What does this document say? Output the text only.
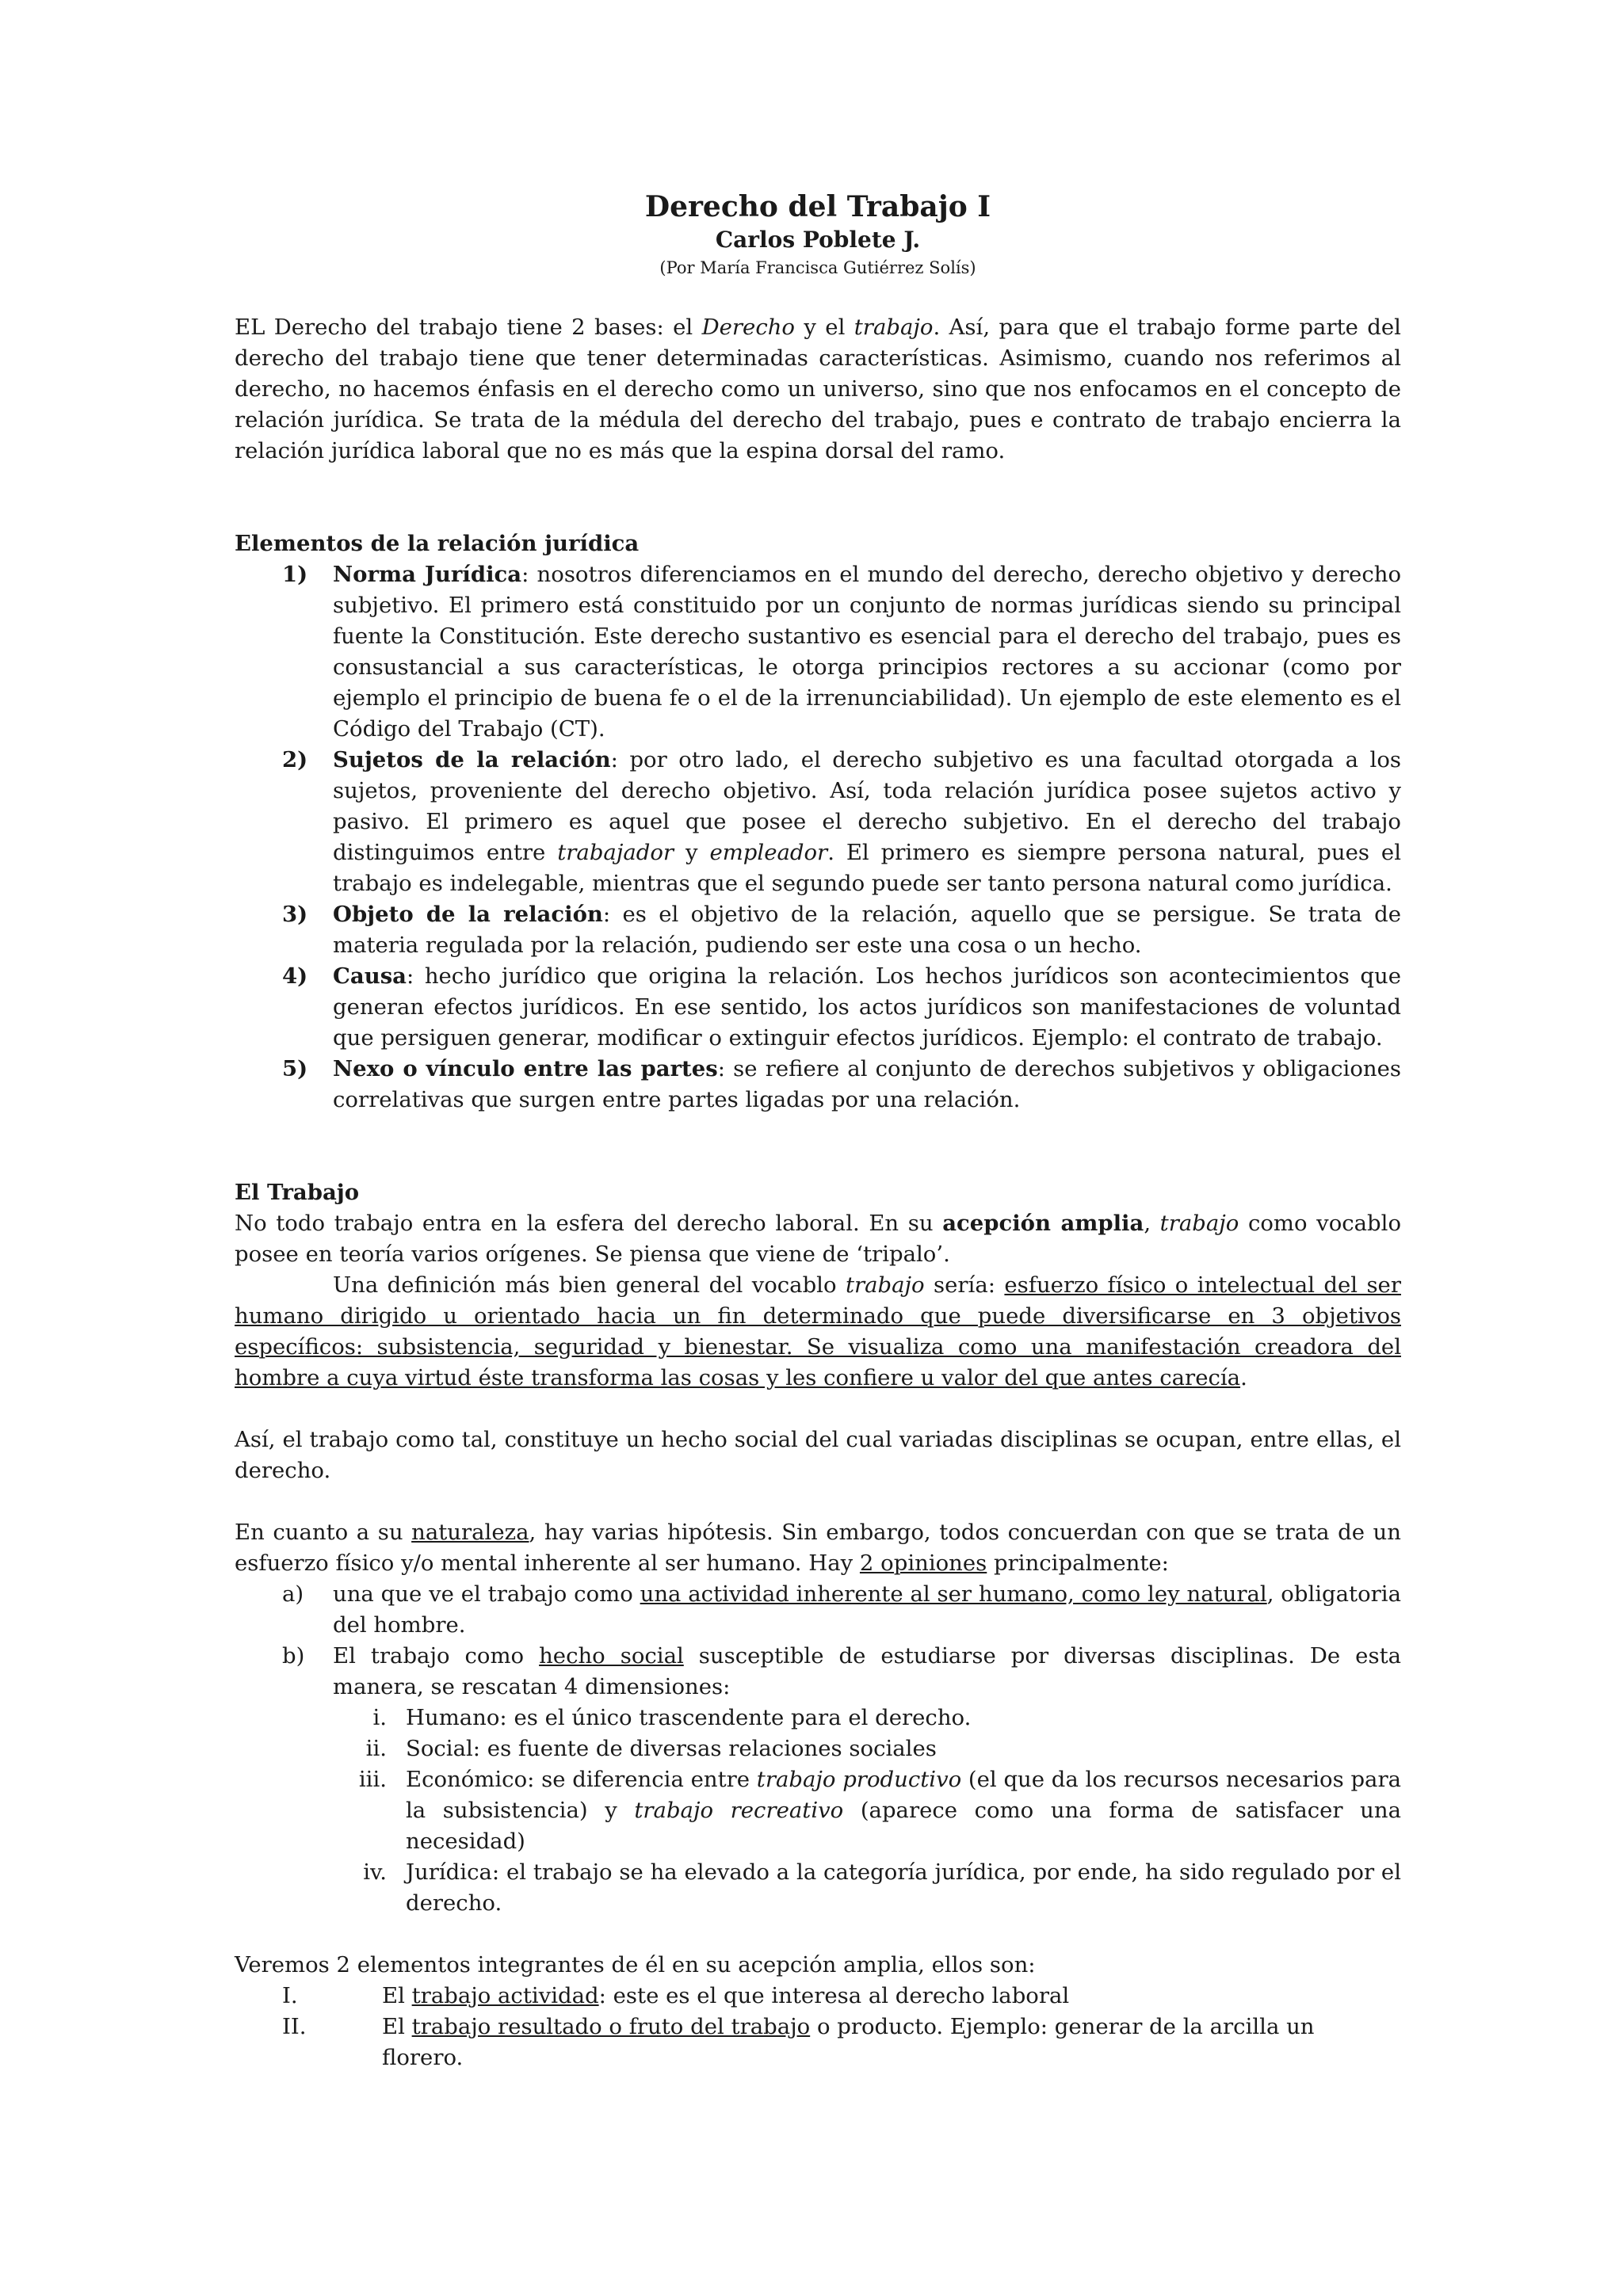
Derecho del Trabajo I
Carlos Poblete J.
(Por María Francisca Gutiérrez Solís)

EL Derecho del trabajo tiene 2 bases: el Derecho y el trabajo. Así, para que el trabajo forme parte del derecho del trabajo tiene que tener determinadas características. Asimismo, cuando nos referimos al derecho, no hacemos énfasis en el derecho como un universo, sino que nos enfocamos en el concepto de relación jurídica. Se trata de la médula del derecho del trabajo, pues e contrato de trabajo encierra la relación jurídica laboral que no es más que la espina dorsal del ramo.

Elementos de la relación jurídica
1) Norma Jurídica: nosotros diferenciamos en el mundo del derecho, derecho objetivo y derecho subjetivo. El primero está constituido por un conjunto de normas jurídicas siendo su principal fuente la Constitución. Este derecho sustantivo es esencial para el derecho del trabajo, pues es consustancial a sus características, le otorga principios rectores a su accionar (como por ejemplo el principio de buena fe o el de la irrenunciabilidad). Un ejemplo de este elemento es el Código del Trabajo (CT).
2) Sujetos de la relación: por otro lado, el derecho subjetivo es una facultad otorgada a los sujetos, proveniente del derecho objetivo. Así, toda relación jurídica posee sujetos activo y pasivo. El primero es aquel que posee el derecho subjetivo. En el derecho del trabajo distinguimos entre trabajador y empleador. El primero es siempre persona natural, pues el trabajo es indelegable, mientras que el segundo puede ser tanto persona natural como jurídica.
3) Objeto de la relación: es el objetivo de la relación, aquello que se persigue. Se trata de materia regulada por la relación, pudiendo ser este una cosa o un hecho.
4) Causa: hecho jurídico que origina la relación. Los hechos jurídicos son acontecimientos que generan efectos jurídicos. En ese sentido, los actos jurídicos son manifestaciones de voluntad que persiguen generar, modificar o extinguir efectos jurídicos. Ejemplo: el contrato de trabajo.
5) Nexo o vínculo entre las partes: se refiere al conjunto de derechos subjetivos y obligaciones correlativas que surgen entre partes ligadas por una relación.
El Trabajo

No todo trabajo entra en la esfera del derecho laboral. En su acepción amplia, trabajo como vocablo posee en teoría varios orígenes. Se piensa que viene de ‘tripalo’.

Una definición más bien general del vocablo trabajo sería: esfuerzo físico o intelectual del ser humano dirigido u orientado hacia un fin determinado que puede diversificarse en 3 objetivos específicos: subsistencia, seguridad y bienestar. Se visualiza como una manifestación creadora del hombre a cuya virtud éste transforma las cosas y les confiere u valor del que antes carecía.

Así, el trabajo como tal, constituye un hecho social del cual variadas disciplinas se ocupan, entre ellas, el derecho.

En cuanto a su naturaleza, hay varias hipótesis. Sin embargo, todos concuerdan con que se trata de un esfuerzo físico y/o mental inherente al ser humano. Hay 2 opiniones principalmente:

a) una que ve el trabajo como una actividad inherente al ser humano, como ley natural, obligatoria del hombre.
b) El trabajo como hecho social susceptible de estudiarse por diversas disciplinas. De esta manera, se rescatan 4 dimensiones:
i. Humano: es el único trascendente para el derecho.
ii. Social: es fuente de diversas relaciones sociales
iii. Económico: se diferencia entre trabajo productivo (el que da los recursos necesarios para la subsistencia) y trabajo recreativo (aparece como una forma de satisfacer una necesidad)
iv. Jurídica: el trabajo se ha elevado a la categoría jurídica, por ende, ha sido regulado por el derecho.

Veremos 2 elementos integrantes de él en su acepción amplia, ellos son:

I.	El trabajo actividad: este es el que interesa al derecho laboral
II.	El trabajo resultado o fruto del trabajo o producto. Ejemplo: generar de la arcilla un florero.
